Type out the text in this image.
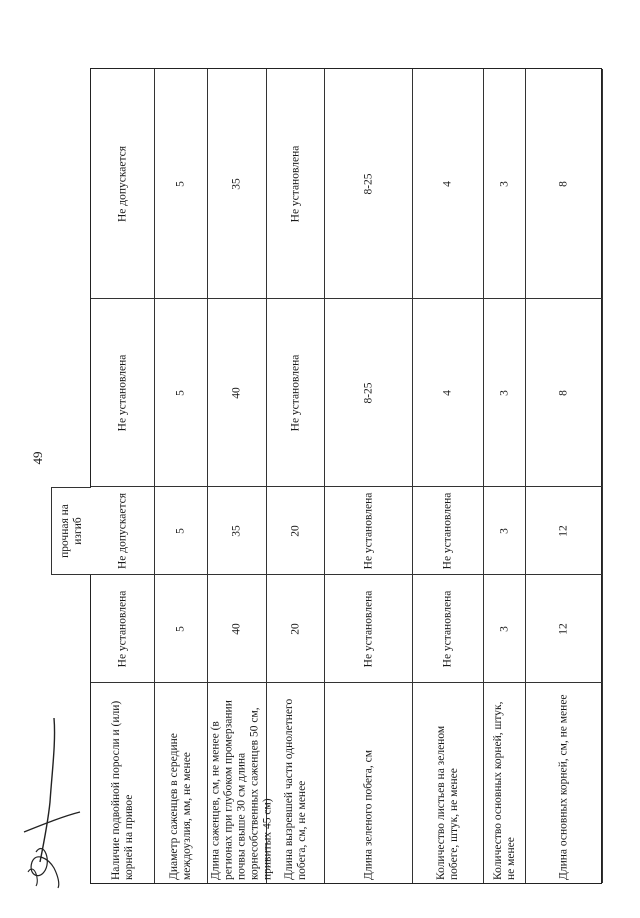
49
Не допускается
Не установлена
Не допускается
Не установлена
Наличие подвойной поросли и (или) корней на привое
5
5
5
5
Диаметр саженцев в середине междоузлия, мм, не менее
35
40
35
40
Длина саженцев, см, не менее (в регионах при глубоком промерзании почвы свыше 30 см длина корнесобственных саженцев 50 см, привитых 45 см)
Не установлена
Не установлена
20
20
Длина вызревшей части однолетнего побега, см, не менее
8-25
8-25
Не установлена
Не установлена
Длина зеленого побега, см
4
4
Не установлена
Не установлена
Количество листьев на зеленом побеге, штук, не менее
3
3
3
3
Количество основных корней, штук, не менее
8
8
12
12
Длина основных корней, см, не менее
прочная на изгиб
